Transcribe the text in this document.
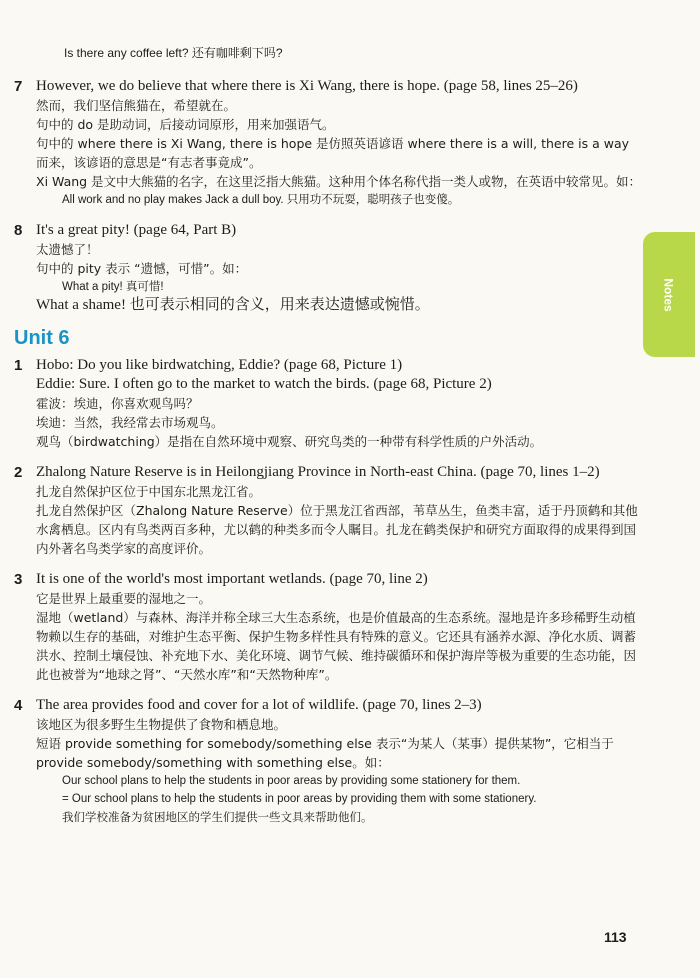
Is there any coffee left? 还有咖啡剩下吗?
7 However, we do believe that where there is Xi Wang, there is hope. (page 58, lines 25–26)
然而，我们坚信熊猫在，希望就在。
句中的 do 是助动词，后接动词原形，用来加强语气。
句中的 where there is Xi Wang, there is hope 是仿照英语谚语 where there is a will, there is a way 而来，该谚语的意思是“有志者事竟成”。
Xi Wang 是文中大熊猫的名字，在这里泛指大熊猫。这种用个体名称代指一类人或物，在英语中较常见。如：
All work and no play makes Jack a dull boy. 只用功不玩耍，聪明孩子也变傻。
8 It's a great pity! (page 64, Part B)
太遗憾了！
句中的 pity 表示 “遗憾，可惜”。如：
What a pity! 真可惜!
What a shame! 也可表示相同的含义，用来表达遗憾或惋惜。
Unit 6
1 Hobo: Do you like birdwatching, Eddie? (page 68, Picture 1)
Eddie: Sure. I often go to the market to watch the birds. (page 68, Picture 2)
霍波：埃迪，你喜欢观鸟吗？
埃迪：当然，我经常去市场观鸟。
观鸟（birdwatching）是指在自然环境中观察、研究鸟类的一种带有科学性质的户外活动。
2 Zhalong Nature Reserve is in Heilongjiang Province in North-east China. (page 70, lines 1–2)
扎龙自然保护区位于中国东北黑龙江省。
扎龙自然保护区（Zhalong Nature Reserve）位于黑龙江省西部，苇草丛生，鱼类丰富，适于丹顶鹤和其他水禽栖息。区内有鸟类两百多种，尤以鹤的种类多而令人瞩目。扎龙在鹤类保护和研究方面取得的成果得到国内外著名鸟类学家的高度评价。
3 It is one of the world's most important wetlands. (page 70, line 2)
它是世界上最重要的湿地之一。
湿地（wetland）与森林、海洋并称全球三大生态系统，也是价值最高的生态系统。湿地是许多珍稀野生动植物赖以生存的基础，对维护生态平衡、保护生物多样性具有特殊的意义。它还具有涵养水源、净化水质、调蓄洪水、控制土壤侵蚀、补充地下水、美化环境、调节气候、维持碳循环和保护海岸等极为重要的生态功能，因此也被誉为“地球之肾”、“天然水库”和“天然物种库”。
4 The area provides food and cover for a lot of wildlife. (page 70, lines 2–3)
该地区为很多野生生物提供了食物和栖息地。
短语 provide something for somebody/something else 表示“为某人（某事）提供某物”，它相当于 provide somebody/something with something else。如：
Our school plans to help the students in poor areas by providing some stationery for them.
= Our school plans to help the students in poor areas by providing them with some stationery.
我们学校准备为贫困地区的学生们提供一些文具来帮助他们。
Notes
113
